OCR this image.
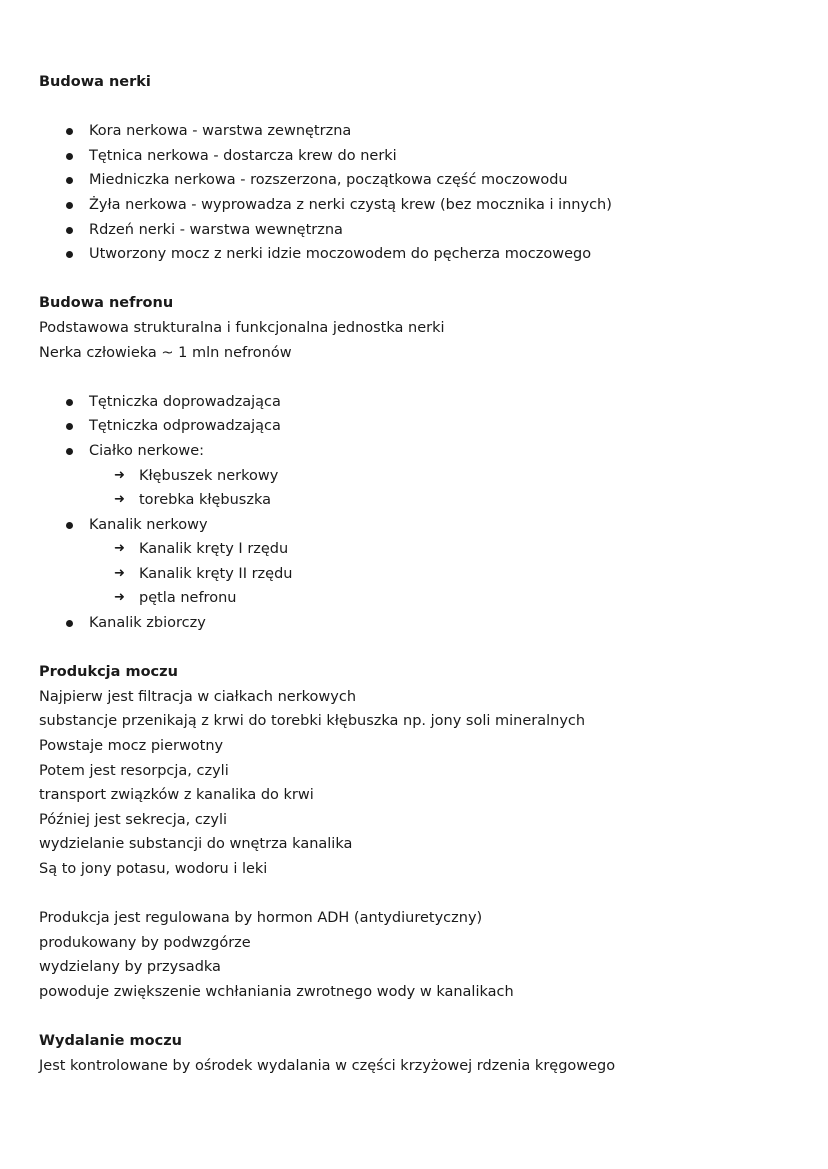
Budowa nerki
Kora nerkowa - warstwa zewnętrzna
Tętnica nerkowa - dostarcza krew do nerki
Miedniczka nerkowa - rozszerzona, początkowa część moczowodu
Żyła nerkowa - wyprowadza z nerki czystą krew (bez mocznika i innych)
Rdzeń nerki - warstwa wewnętrzna
Utworzony mocz z nerki idzie moczowodem do pęcherza moczowego
Budowa nefronu
Podstawowa strukturalna i funkcjonalna jednostka nerki
Nerka człowieka ~ 1 mln nefronów
Tętniczka doprowadzająca
Tętniczka odprowadzająca
Ciałko nerkowe:
➜ Kłębuszek nerkowy
➜ torebka kłębuszka
Kanalik nerkowy
➜ Kanalik kręty I rzędu
➜ Kanalik kręty II rzędu
➜ pętla nefronu
Kanalik zbiorczy
Produkcja moczu
Najpierw jest filtracja w ciałkach nerkowych
substancje przenikają z krwi do torebki kłębuszka np. jony soli mineralnych
Powstaje mocz pierwotny
Potem jest resorpcja, czyli
transport związków z kanalika do krwi
Później jest sekrecja, czyli
wydzielanie substancji do wnętrza kanalika
Są to jony potasu, wodoru i leki
Produkcja jest regulowana by hormon ADH (antydiuretyczny)
produkowany by podwzgórze
wydzielany by przysadka
powoduje zwiększenie wchłaniania zwrotnego wody w kanalikach
Wydalanie moczu
Jest kontrolowane by ośrodek wydalania w części krzyżowej rdzenia kręgowego
